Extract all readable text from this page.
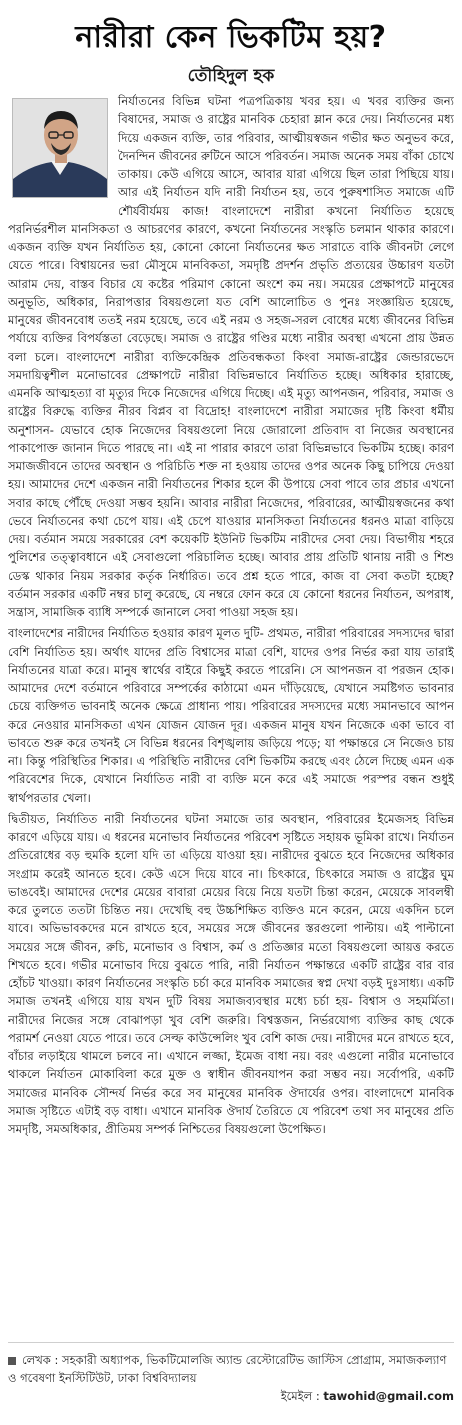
নারীরা কেন ভিকটিম হয়?
তৌহিদুল হক

নির্যাতনের বিভিন্ন ঘটনা পত্রপত্রিকায় খবর হয়। এ খবর ব্যক্তির জন্য বিষাদের, সমাজ ও রাষ্ট্রের মানবিক চেহারা ম্লান করে দেয়। নির্যাতনের মধ্য দিয়ে একজন ব্যক্তি, তার পরিবার, আত্মীয়স্বজন গভীর ক্ষত অনুভব করে, দৈনন্দিন জীবনের রুটিনে আসে পরিবর্তন। সমাজ অনেক সময় বাঁকা চোখে তাকায়। কেউ এগিয়ে আসে, আবার যারা এগিয়ে ছিল তারা পিছিয়ে যায়। আর এই নির্যাতন যদি নারী নির্যাতন হয়, তবে পুরুষশাসিত সমাজে এটি শৌর্যবীর্যময় কাজ! বাংলাদেশে নারীরা কখনো নির্যাতিত হয়েছে পরনির্ভরশীল মানসিকতা ও আচরণের কারণে, কখনো নির্যাতনের সংস্কৃতি চলমান থাকার কারণে। একজন ব্যক্তি যখন নির্যাতিত হয়, কোনো কোনো নির্যাতনের ক্ষত সারাতে বাকি জীবনটা লেগে যেতে পারে। বিশ্বায়নের ভরা মৌসুমে মানবিকতা, সমদৃষ্টি প্রদর্শন প্রভৃতি প্রত্যয়ের উচ্চারণ যতটা আরাম দেয়, বাস্তব বিচার যে কষ্টের পরিমাণ কোনো অংশে কম নয়। সময়ের প্রেক্ষাপটে মানুষের অনুভূতি, অধিকার, নিরাপত্তার বিষয়গুলো যত বেশি আলোচিত ও পুনঃ সংজ্ঞায়িত হয়েছে, মানুষের জীবনবোধ ততই নরম হয়েছে, তবে এই নরম ও সহজ-সরল বোধের মধ্যে জীবনের বিভিন্ন পর্যায়ে ব্যক্তির বিপর্যস্ততা বেড়েছে। সমাজ ও রাষ্ট্রের গণ্ডির মধ্যে নারীর অবস্থা এখনো প্রায় উন্নত বলা চলে। বাংলাদেশে নারীরা ব্যক্তিকেন্দ্রিক প্রতিবন্ধকতা কিংবা সমাজ-রাষ্ট্রের জেন্ডারভেদে সমদায়িত্বশীল মনোভাবের প্রেক্ষাপটে নারীরা বিভিন্নভাবে নির্যাতিত হচ্ছে। অধিকার হারাচ্ছে, এমনকি আত্মহত্যা বা মৃত্যুর দিকে নিজেদের এগিয়ে দিচ্ছে। এই মৃত্যু আপনজন, পরিবার, সমাজ ও রাষ্ট্রের বিরুদ্ধে ব্যক্তির নীরব বিপ্লব বা বিদ্রোহ! বাংলাদেশে নারীরা সমাজের দৃষ্টি কিংবা ধর্মীয় অনুশাসন- যেভাবে হোক নিজেদের বিষয়গুলো নিয়ে জোরালো প্রতিবাদ বা নিজের অবস্থানের পাকাপোক্ত জানান দিতে পারছে না। এই না পারার কারণে তারা বিভিন্নভাবে ভিকটিম হচ্ছে। কারণ সমাজজীবনে তাদের অবস্থান ও পরিচিতি শক্ত না হওয়ায় তাদের ওপর অনেক কিছু চাপিয়ে দেওয়া হয়। আমাদের দেশে একজন নারী নির্যাতনের শিকার হলে কী উপায়ে সেবা পাবে তার প্রচার এখনো সবার কাছে পৌঁছে দেওয়া সম্ভব হয়নি। আবার নারীরা নিজেদের, পরিবারের, আত্মীয়স্বজনের কথা ভেবে নির্যাতনের কথা চেপে যায়। এই চেপে যাওয়ার মানসিকতা নির্যাতনের ধরনও মাত্রা বাড়িয়ে দেয়। বর্তমান সময়ে সরকারের বেশ কয়েকটি ইউনিট ভিকটিম নারীদের সেবা দেয়। বিভাগীয় শহরে পুলিশের তত্ত্বাবধানে এই সেবাগুলো পরিচালিত হচ্ছে। আবার প্রায় প্রতিটি থানায় নারী ও শিশু ডেস্ক থাকার নিয়ম সরকার কর্তৃক নির্ধারিত। তবে প্রশ্ন হতে পারে, কাজ বা সেবা কতটা হচ্ছে? বর্তমান সরকার একটি নম্বর চালু করেছে, যে নম্বরে ফোন করে যে কোনো ধরনের নির্যাতন, অপরাধ, সন্ত্রাস, সামাজিক ব্যাধি সম্পর্কে জানালে সেবা পাওয়া সহজ হয়।

বাংলাদেশের নারীদের নির্যাতিত হওয়ার কারণ মূলত দুটি- প্রথমত, নারীরা পরিবারের সদস্যদের দ্বারা বেশি নির্যাতিত হয়। অর্থাৎ যাদের প্রতি বিশ্বাসের মাত্রা বেশি, যাদের ওপর নির্ভর করা যায় তারাই নির্যাতনের যাত্রা করে। মানুষ স্বার্থের বাইরে কিছুই করতে পারেনি। সে আপনজন বা পরজন হোক। আমাদের দেশে বর্তমানে পরিবারে সম্পর্কের কাঠামো এমন দাঁড়িয়েছে, যেখানে সমষ্টিগত ভাবনার চেয়ে ব্যক্তিগত ভাবনাই অনেক ক্ষেত্রে প্রাধান্য পায়। পরিবারের সদস্যদের মধ্যে সমানভাবে আপন করে নেওয়ার মানসিকতা এখন যোজন যোজন দূর। একজন মানুষ যখন নিজেকে একা ভাবে বা ভাবতে শুরু করে তখনই সে বিভিন্ন ধরনের বিশৃঙ্খলায় জড়িয়ে পড়ে; যা পক্ষান্তরে সে নিজেও চায় না। কিন্তু পরিস্থিতির শিকার। এ পরিস্থিতি নারীদের বেশি ভিকটিম করছে এবং ঠেলে দিচ্ছে এমন এক পরিবেশের দিকে, যেখানে নির্যাতিত নারী বা ব্যক্তি মনে করে এই সমাজে পরস্পর বন্ধন শুধুই স্বার্থপরতার খেলা।

দ্বিতীয়ত, নির্যাতিত নারী নির্যাতনের ঘটনা সমাজে তার অবস্থান, পরিবারের ইমেজসহ বিভিন্ন কারণে এড়িয়ে যায়। এ ধরনের মনোভাব নির্যাতনের পরিবেশ সৃষ্টিতে সহায়ক ভূমিকা রাখে। নির্যাতন প্রতিরোধের বড় হুমকি হলো যদি তা এড়িয়ে যাওয়া হয়। নারীদের বুঝতে হবে নিজেদের অধিকার সংগ্রাম করেই আনতে হবে। কেউ এসে দিয়ে যাবে না। চিৎকারে, চিৎকারে সমাজ ও রাষ্ট্রের ঘুম ভাঙবেই। আমাদের দেশের মেয়ের বাবারা মেয়ের বিয়ে নিয়ে যতটা চিন্তা করেন, মেয়েকে সাবলম্বী করে তুলতে ততটা চিন্তিত নয়। দেখেছি বহু উচ্চশিক্ষিত ব্যক্তিও মনে করেন, মেয়ে একদিন চলে যাবে। অভিভাবকদের মনে রাখতে হবে, সময়ের সঙ্গে জীবনের স্তরগুলো পাল্টায়। এই পাল্টানো সময়ের সঙ্গে জীবন, রুচি, মনোভাব ও বিশ্বাস, কর্ম ও প্রতিজ্ঞার মতো বিষয়গুলো আয়ত্ত করতে শিখতে হবে। গভীর মনোভাব দিয়ে বুঝতে পারি, নারী নির্যাতন পক্ষান্তরে একটি রাষ্ট্রের বার বার হোঁচট খাওয়া। কারণ নির্যাতনের সংস্কৃতি চর্চা করে মানবিক সমাজের স্বপ্ন দেখা বড়ই দুঃসাধ্য। একটি সমাজ তখনই এগিয়ে যায় যখন দুটি বিষয় সমাজব্যবস্থার মধ্যে চর্চা হয়- বিশ্বাস ও সহমর্মিতা। নারীদের নিজের সঙ্গে বোঝাপড়া খুব বেশি জরুরি। বিশ্বস্তজন, নির্ভরযোগ্য ব্যক্তির কাছ থেকে পরামর্শ নেওয়া যেতে পারে। তবে সেল্ফ কাউন্সেলিং খুব বেশি কাজ দেয়। নারীদের মনে রাখতে হবে, বাঁচার লড়াইয়ে থামলে চলবে না। এখানে লজ্জা, ইমেজ বাধা নয়। বরং এগুলো নারীর মনোভাবে থাকলে নির্যাতন মোকাবিলা করে মুক্ত ও স্বাধীন জীবনযাপন করা সম্ভব নয়। সর্বোপরি, একটি সমাজের মানবিক সৌন্দর্য নির্ভর করে সব মানুষের মানবিক ঔদার্যের ওপর। বাংলাদেশে মানবিক সমাজ সৃষ্টিতে এটাই বড় বাধা। এখানে মানবিক ঔদার্য তৈরিতে যে পরিবেশ তথা সব মানুষের প্রতি সমদৃষ্টি, সমঅধিকার, প্রীতিময় সম্পর্ক নিশ্চিতের বিষয়গুলো উপেক্ষিত।

লেখক : সহকারী অধ্যাপক, ভিকটিমোলজি অ্যান্ড রেস্টোরেটিভ জাস্টিস প্রোগ্রাম, সমাজকল্যাণ ও গবেষণা ইনস্টিটিউট, ঢাকা বিশ্ববিদ্যালয়
ইমেইল : tawohid@gmail.com
